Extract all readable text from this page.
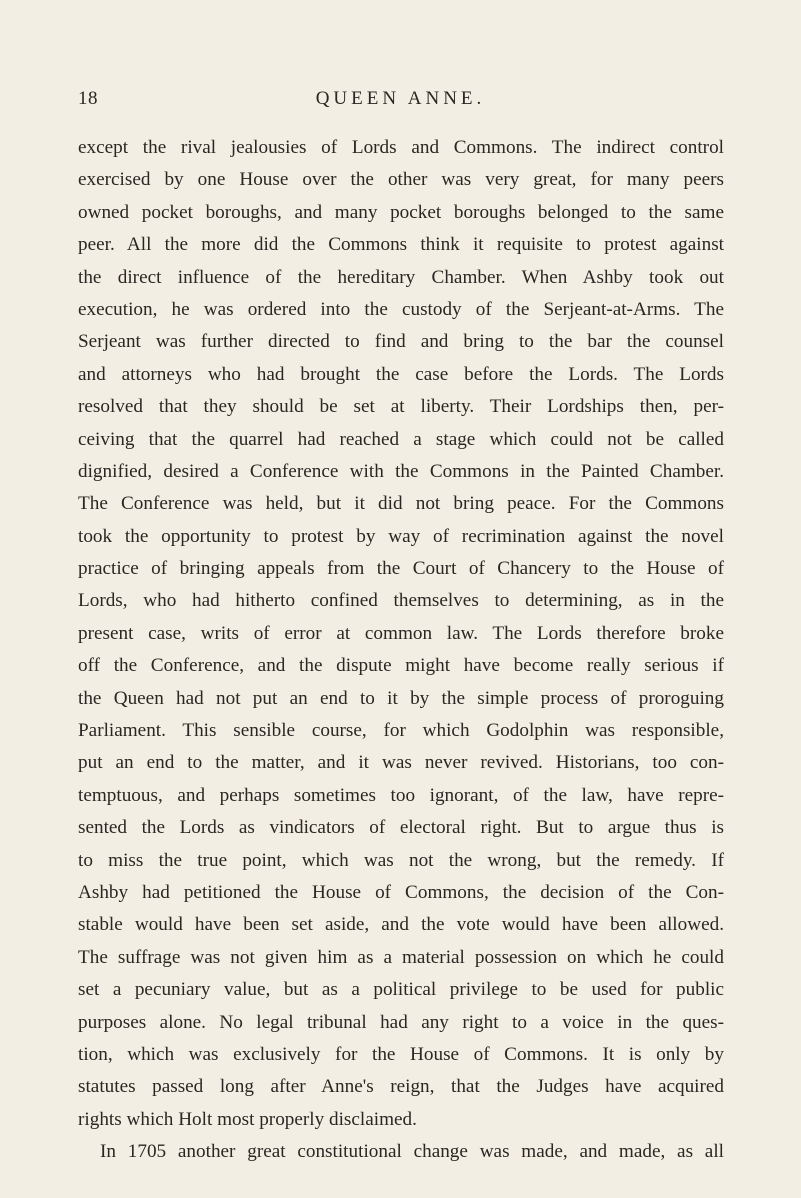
18	QUEEN ANNE.
except the rival jealousies of Lords and Commons. The indirect control
exercised by one House over the other was very great, for many peers
owned pocket boroughs, and many pocket boroughs belonged to the same
peer. All the more did the Commons think it requisite to protest against
the direct influence of the hereditary Chamber. When Ashby took out
execution, he was ordered into the custody of the Serjeant-at-Arms. The
Serjeant was further directed to find and bring to the bar the counsel
and attorneys who had brought the case before the Lords. The Lords
resolved that they should be set at liberty. Their Lordships then, per-
ceiving that the quarrel had reached a stage which could not be called
dignified, desired a Conference with the Commons in the Painted Chamber.
The Conference was held, but it did not bring peace. For the Commons
took the opportunity to protest by way of recrimination against the novel
practice of bringing appeals from the Court of Chancery to the House of
Lords, who had hitherto confined themselves to determining, as in the
present case, writs of error at common law. The Lords therefore broke
off the Conference, and the dispute might have become really serious if
the Queen had not put an end to it by the simple process of proroguing
Parliament. This sensible course, for which Godolphin was responsible,
put an end to the matter, and it was never revived. Historians, too con-
temptuous, and perhaps sometimes too ignorant, of the law, have repre-
sented the Lords as vindicators of electoral right. But to argue thus is
to miss the true point, which was not the wrong, but the remedy. If
Ashby had petitioned the House of Commons, the decision of the Con-
stable would have been set aside, and the vote would have been allowed.
The suffrage was not given him as a material possession on which he could
set a pecuniary value, but as a political privilege to be used for public
purposes alone. No legal tribunal had any right to a voice in the ques-
tion, which was exclusively for the House of Commons. It is only by
statutes passed long after Anne's reign, that the Judges have acquired
rights which Holt most properly disclaimed.
In 1705 another great constitutional change was made, and made, as all
